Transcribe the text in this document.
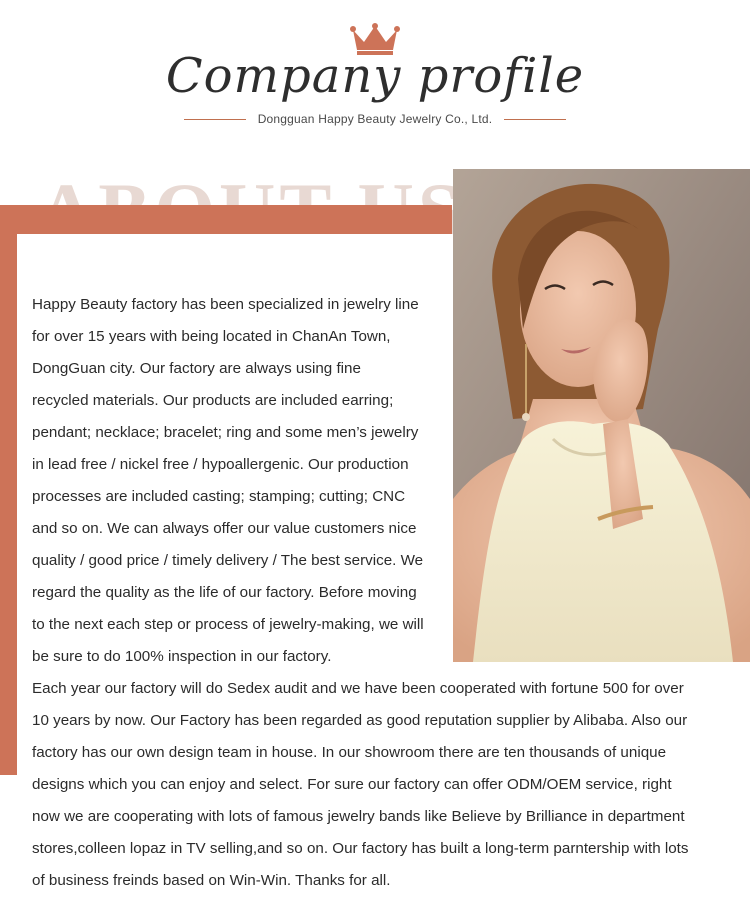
Company profile
Dongguan Happy Beauty Jewelry Co., Ltd.
Happy Beauty factory has been specialized in jewelry line
for over 15 years with being located in ChanAn Town,
DongGuan city. Our factory are always using fine
recycled materials. Our products are included earring;
pendant; necklace; bracelet; ring and some men’s jewelry
in lead free / nickel free / hypoallergenic. Our production
processes are included casting; stamping; cutting; CNC
and so on. We can always offer our value customers nice
quality / good price / timely delivery / The best service. We
regard the quality as the life of our factory. Before moving
to the next each step or process of jewelry-making, we will
be sure to do 100% inspection in our factory.
Each year our factory will do Sedex audit and we have been cooperated with fortune 500 for over
10 years by now. Our Factory has been regarded as good reputation supplier by Alibaba. Also our
factory has our own design team in house. In our showroom there are ten thousands of unique
designs which you can enjoy and select. For sure our factory can offer ODM/OEM service, right
now we are cooperating with lots of famous jewelry bands like Believe by Brilliance in department
stores,colleen lopaz in TV selling,and so on. Our factory has built a long-term parntership with lots
of business freinds based on Win-Win. Thanks for all.
